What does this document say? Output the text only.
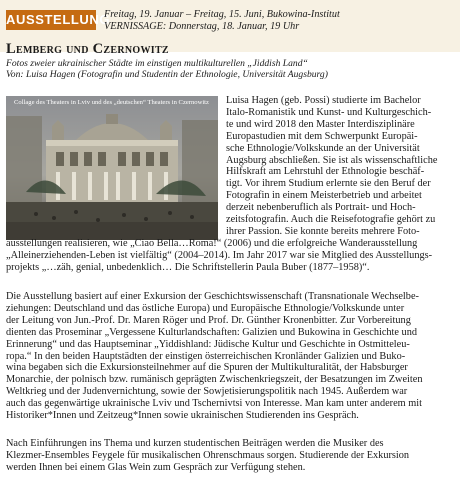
AUSSTELLUNG
Freitag, 19. Januar – Freitag, 15. Juni, Bukowina-Institut
VERNISSAGE: Donnerstag, 18. Januar, 19 Uhr
Lemberg und Czernowitz
Fotos zweier ukrainischer Städte im einstigen multikulturellen „Jiddish Land“
Von: Luisa Hagen (Fotografin und Studentin der Ethnologie, Universität Augsburg)
Collage des Theaters in Lviv und des „deutschen“ Theaters in Czernowitz Luisa Hagen (geb. Possi) studierte im Bachelor
Italo-Romanistik und Kunst- und Kulturgeschich-
te und wird 2018 den Master Interdisziplinäre
Europastudien mit dem Schwerpunkt Europäi-
sche Ethnologie/Volkskunde an der Universität
Augsburg abschließen. Sie ist als wissenschaftliche
Hilfskraft am Lehrstuhl der Ethnologie beschäf-
tigt. Vor ihrem Studium erlernte sie den Beruf der
Fotografin in einem Meisterbetrieb und arbeitet
derzeit nebenberuflich als Portrait- und Hoch-
zeitsfotografin. Auch die Reisefotografie gehört zu
ihrer Passion. Sie konnte bereits mehrere Foto-
ausstellungen realisieren, wie „Ciao Bella…Roma!“ (2006) und die erfolgreiche Wanderausstellung
„Alleinerziehenden-Leben ist vielfältig“ (2004–2014). Im Jahr 2017 war sie Mitglied des Ausstellungs-
projekts „…zäh, genial, unbedenklich… Die Schriftstellerin Paula Buber (1877–1958)“.
Die Ausstellung basiert auf einer Exkursion der Geschichtswissenschaft (Transnationale Wechselbe-
ziehungen: Deutschland und das östliche Europa) und Europäische Ethnologie/Volkskunde unter
der Leitung von Jun.-Prof. Dr. Maren Röger und Prof. Dr. Günther Kronenbitter. Zur Vorbereitung
dienten das Proseminar „Vergessene Kulturlandschaften: Galizien und Bukowina in Geschichte und
Erinnerung“ und das Hauptseminar „Yiddishland: Jüdische Kultur und Geschichte in Ostmitteleu-
ropa.“ In den beiden Hauptstädten der einstigen österreichischen Kronländer Galizien und Buko-
wina begaben sich die Exkursionsteilnehmer auf die Spuren der Multikulturalität, der Habsburger
Monarchie, der polnisch bzw. rumänisch geprägten Zwischenkriegszeit, der Besatzungen im Zweiten
Weltkrieg und der Judenvernichtung, sowie der Sowjetisierungspolitik nach 1945. Außerdem war
auch das gegenwärtige ukrainische Lviv und Tschernivtsi von Interesse. Man kam unter anderem mit
Historiker*Innen und Zeitzeug*Innen sowie ukrainischen Studierenden ins Gespräch.
Nach Einführungen ins Thema und kurzen studentischen Beiträgen werden die Musiker des
Klezmer-Ensembles Feygele für musikalischen Ohrenschmaus sorgen. Studierende der Exkursion
werden Ihnen bei einem Glas Wein zum Gespräch zur Verfügung stehen.
